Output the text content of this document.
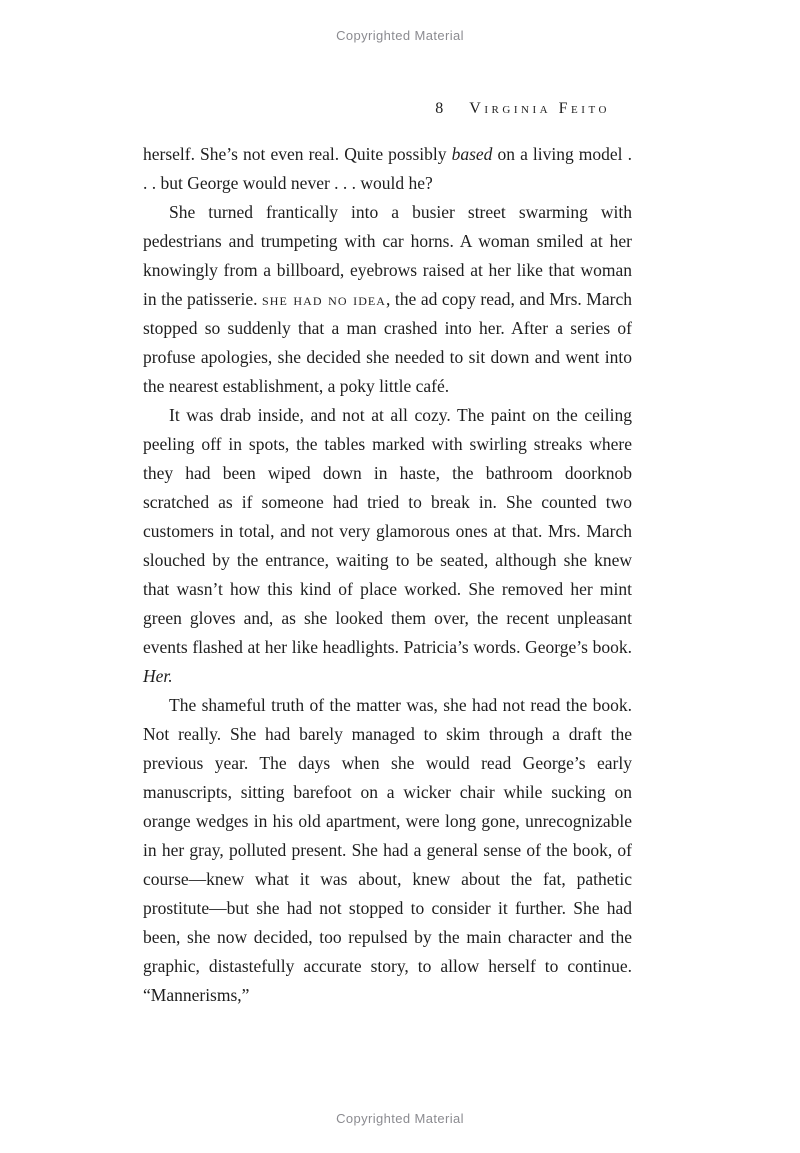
Copyrighted Material
8 Virginia Feito

herself. She’s not even real. Quite possibly based on a living model . . . but George would never . . . would he?

She turned frantically into a busier street swarming with pedestrians and trumpeting with car horns. A woman smiled at her knowingly from a billboard, eyebrows raised at her like that woman in the patisserie. she had no idea, the ad copy read, and Mrs. March stopped so suddenly that a man crashed into her. After a series of profuse apologies, she decided she needed to sit down and went into the nearest establishment, a poky little café.

It was drab inside, and not at all cozy. The paint on the ceiling peeling off in spots, the tables marked with swirling streaks where they had been wiped down in haste, the bathroom doorknob scratched as if someone had tried to break in. She counted two customers in total, and not very glamorous ones at that. Mrs. March slouched by the entrance, waiting to be seated, although she knew that wasn’t how this kind of place worked. She removed her mint green gloves and, as she looked them over, the recent unpleasant events flashed at her like headlights. Patricia’s words. George’s book. Her.

The shameful truth of the matter was, she had not read the book. Not really. She had barely managed to skim through a draft the previous year. The days when she would read George’s early manuscripts, sitting barefoot on a wicker chair while sucking on orange wedges in his old apartment, were long gone, unrecognizable in her gray, polluted present. She had a general sense of the book, of course—knew what it was about, knew about the fat, pathetic prostitute—but she had not stopped to consider it further. She had been, she now decided, too repulsed by the main character and the graphic, distastefully accurate story, to allow herself to continue. “Mannerisms,”

Copyrighted Material
